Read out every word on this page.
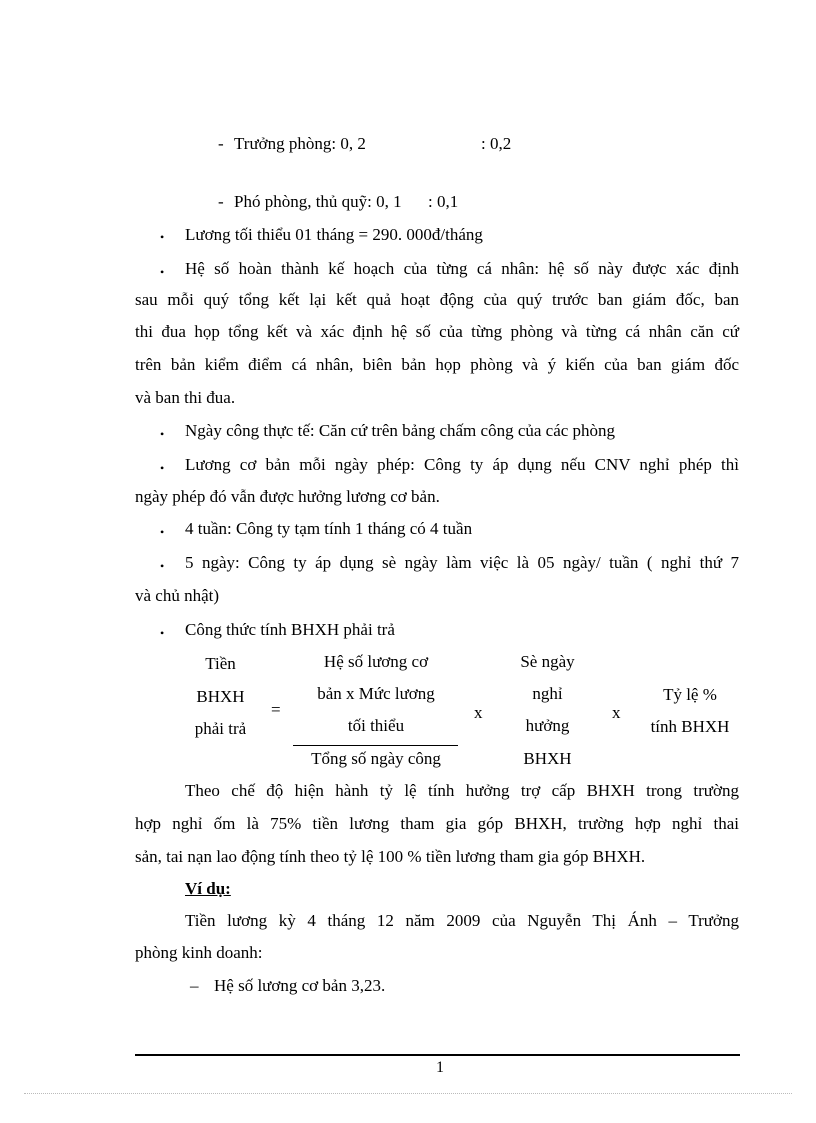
- Trưởng phòng: 0, 2	: 0,2
- Phó phòng, thủ quỹ: 0, 1 : 0,1
• Lương tối thiểu 01 tháng = 290. 000đ/tháng
• Hệ số hoàn thành kế hoạch của từng cá nhân: hệ số này được xác định
sau mỗi quý tổng kết lại kết quả hoạt động của quý trước ban giám đốc, ban
thi đua họp tổng kết và xác định hệ số của từng phòng và từng cá nhân căn cứ
trên bản kiểm điểm cá nhân, biên bản họp phòng và ý kiến của ban giám đốc
và ban thi đua.
• Ngày công thực tế: Căn cứ trên bảng chấm công của các phòng
• Lương cơ bản mỗi ngày phép: Công ty áp dụng nếu CNV nghỉ phép thì
ngày phép đó vẫn được hưởng lương cơ bản.
• 4 tuần: Công ty tạm tính 1 tháng có 4 tuần
• 5 ngày: Công ty áp dụng sè ngày làm việc là 05 ngày/ tuần ( nghỉ thứ 7
và chủ nhật)
• Công thức tính BHXH phải trả
Tiền
BHXH
phải trả
=
Hệ số lương cơ
bản x Mức lương
tối thiểu
Tổng số ngày công
x
Sè ngày
nghỉ
hưởng
BHXH
x
Tỷ lệ %
tính BHXH
Theo chế độ hiện hành tỷ lệ tính hưởng trợ cấp BHXH trong trường
hợp nghỉ ốm là 75% tiền lương tham gia góp BHXH, trường hợp nghỉ thai
sản, tai nạn lao động tính theo tỷ lệ 100 % tiền lương tham gia góp BHXH.
Ví dụ:
Tiền lương kỳ 4 tháng 12 năm 2009 của Nguyễn Thị Ánh – Trưởng
phòng kinh doanh:
– Hệ số lương cơ bản 3,23.
1
